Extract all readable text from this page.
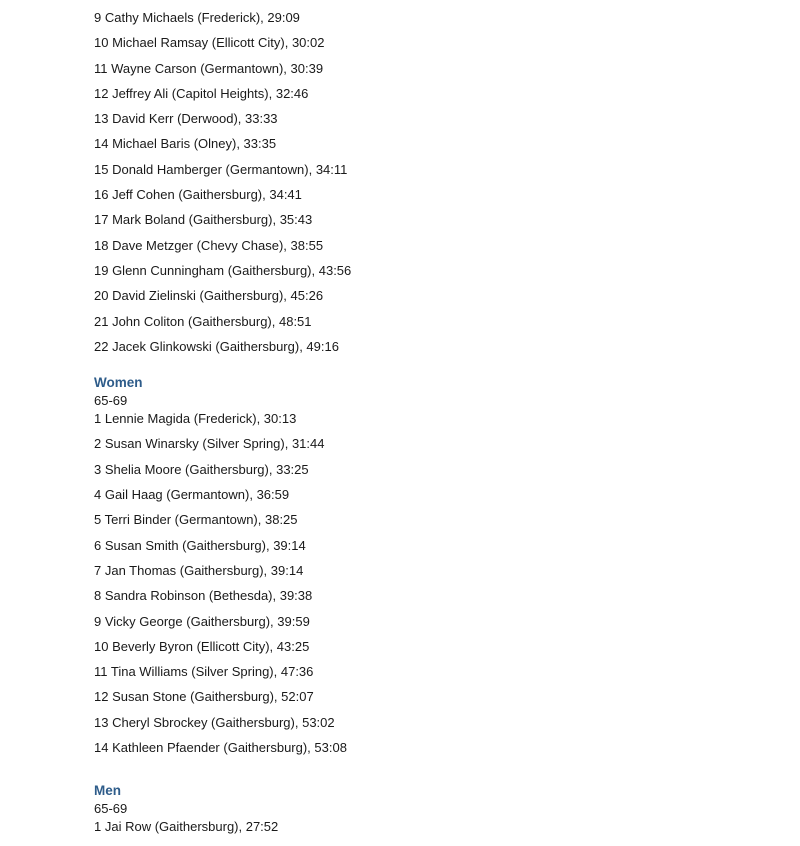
9 Cathy Michaels (Frederick), 29:09
10 Michael Ramsay (Ellicott City), 30:02
11 Wayne Carson (Germantown), 30:39
12 Jeffrey Ali (Capitol Heights), 32:46
13 David Kerr (Derwood), 33:33
14 Michael Baris (Olney), 33:35
15 Donald Hamberger (Germantown), 34:11
16 Jeff Cohen (Gaithersburg), 34:41
17 Mark Boland (Gaithersburg), 35:43
18 Dave Metzger (Chevy Chase), 38:55
19 Glenn Cunningham (Gaithersburg), 43:56
20 David Zielinski (Gaithersburg), 45:26
21 John Coliton (Gaithersburg), 48:51
22 Jacek Glinkowski (Gaithersburg), 49:16
Women
65-69
1 Lennie Magida (Frederick), 30:13
2 Susan Winarsky (Silver Spring), 31:44
3 Shelia Moore (Gaithersburg), 33:25
4 Gail Haag (Germantown), 36:59
5 Terri Binder (Germantown), 38:25
6 Susan Smith (Gaithersburg), 39:14
7 Jan Thomas (Gaithersburg), 39:14
8 Sandra Robinson (Bethesda), 39:38
9 Vicky George (Gaithersburg), 39:59
10 Beverly Byron (Ellicott City), 43:25
11 Tina Williams (Silver Spring), 47:36
12 Susan Stone (Gaithersburg), 52:07
13 Cheryl Sbrockey (Gaithersburg), 53:02
14 Kathleen Pfaender (Gaithersburg), 53:08
Men
65-69
1 Jai Row (Gaithersburg), 27:52
